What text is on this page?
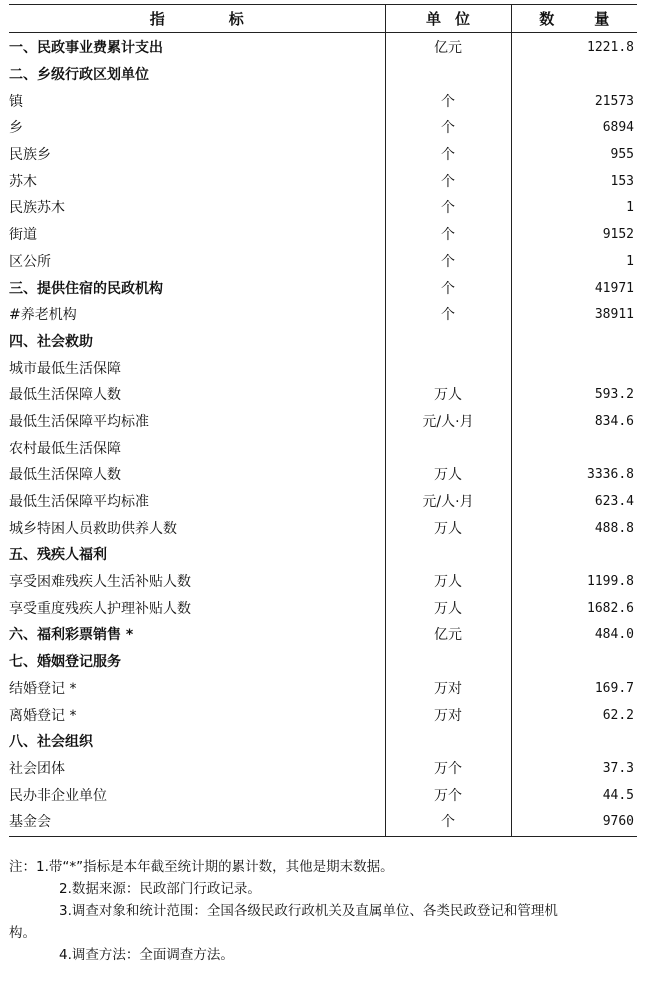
指 标	单 位	数 量

一、民政事业费累计支出	亿元	1221.8
二、乡级行政区划单位		
镇	个	21573
乡	个	6894
民族乡	个	955
苏木	个	153
民族苏木	个	1
街道	个	9152
区公所	个	1
三、提供住宿的民政机构	个	41971
#养老机构	个	38911
四、社会救助		
城市最低生活保障		
最低生活保障人数	万人	593.2
最低生活保障平均标准	元/人·月	834.6
农村最低生活保障		
最低生活保障人数	万人	3336.8
最低生活保障平均标准	元/人·月	623.4
城乡特困人员救助供养人数	万人	488.8
五、残疾人福利		
享受困难残疾人生活补贴人数	万人	1199.8
享受重度残疾人护理补贴人数	万人	1682.6
六、福利彩票销售 *	亿元	484.0
七、婚姻登记服务		
结婚登记 *	万对	169.7
离婚登记 *	万对	62.2
八、社会组织		
社会团体	万个	37.3
民办非企业单位	万个	44.5
基金会	个	9760

注：1.带“*”指标是本年截至统计期的累计数，其他是期末数据。

2.数据来源：民政部门行政记录。

3.调查对象和统计范围：全国各级民政行政机关及直属单位、各类民政登记和管理机

构。

4.调查方法：全面调查方法。
